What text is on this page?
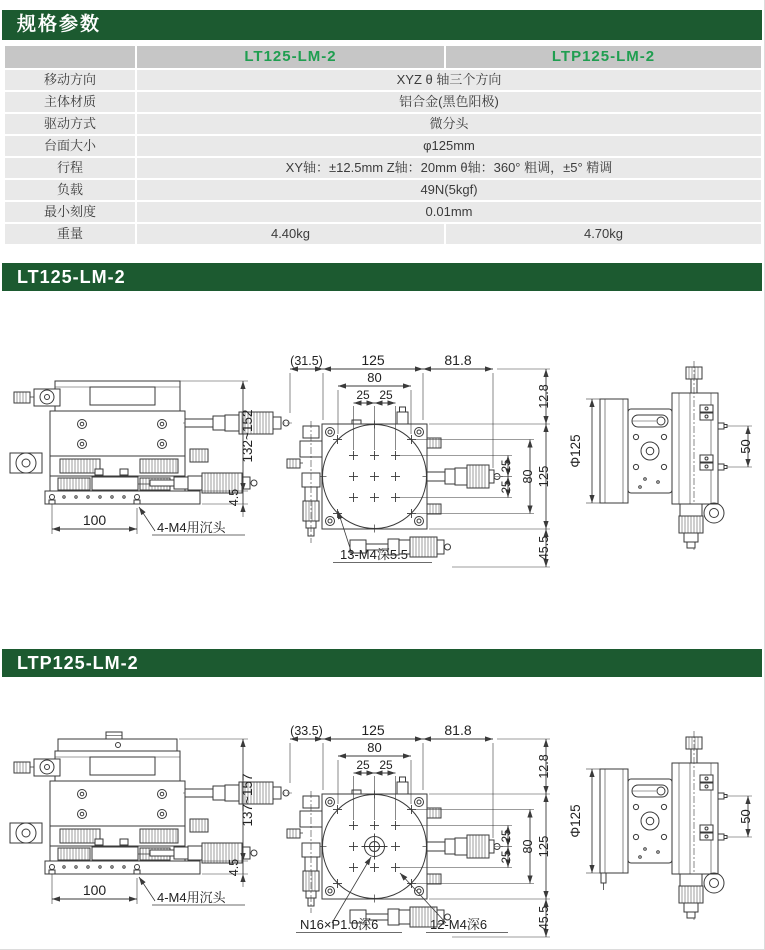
规格参数
LT125-LM-2	LTP125-LM-2
移动方向	XYZ θ 轴三个方向
主体材质	铝合金(黑色阳极)
驱动方式	微分头
台面大小	φ125mm
行程	XY轴：±12.5mm Z轴：20mm θ轴：360° 粗调，±5° 精调
负载	49N(5kgf)
最小刻度	0.01mm
重量	4.40kg	4.70kg
LT125-LM-2
132~152
4.5
100	4-M4用沉头
(31.5)	125	81.8
80
25 25
25
25
80 125
12.8
45.5
13-M4深5.5
Φ125	50
LTP125-LM-2
137~157
4.5
100	4-M4用沉头
(33.5)	125	81.8
80
25 25
25
25
80 125
12.8
45.5
N16×P1.0深6	12-M4深6
Φ125	50
